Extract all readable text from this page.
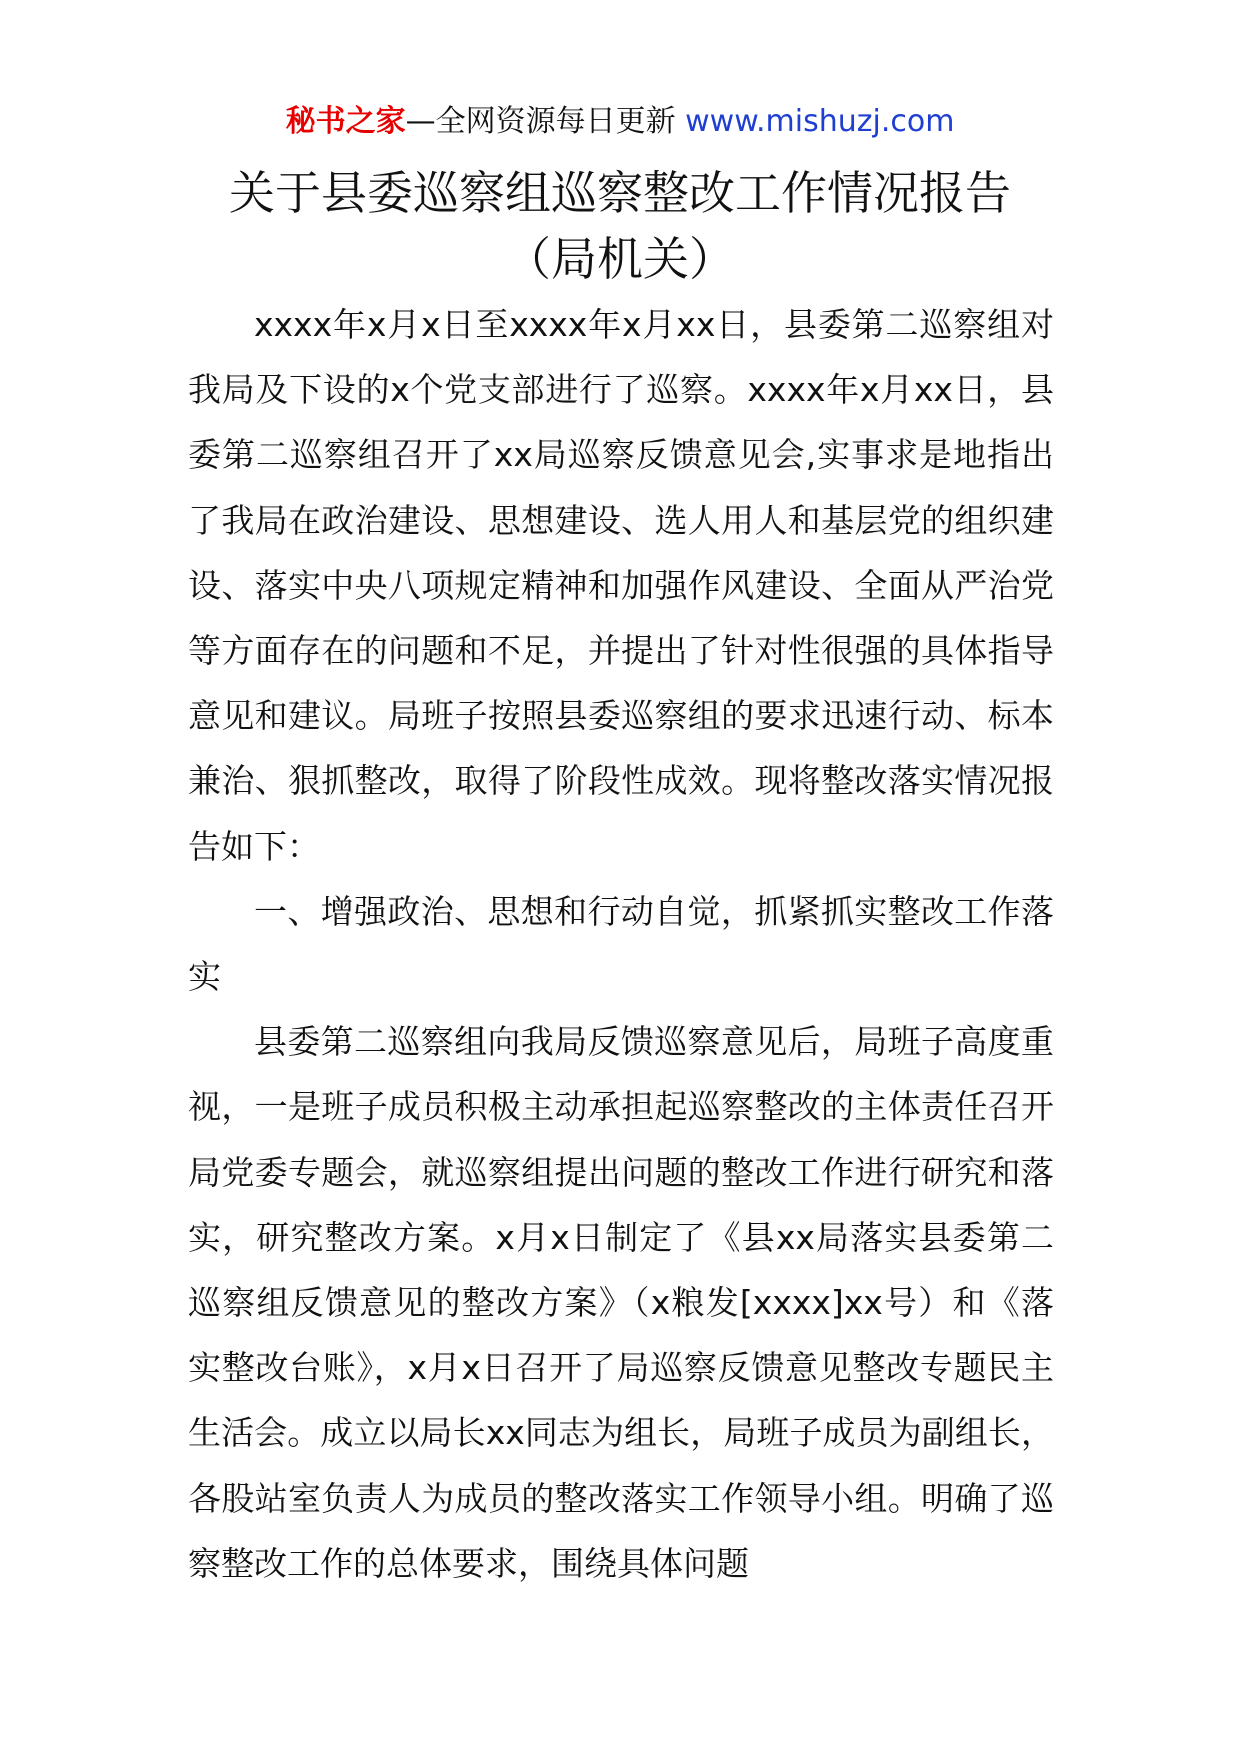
秘书之家—全网资源每日更新 www.mishuzj.com
关于县委巡察组巡察整改工作情况报告
（局机关）

xxxx年x月x日至xxxx年x月xx日，县委第二巡察组对我局及下设的x个党支部进行了巡察。xxxx年x月xx日，县委第二巡察组召开了xx局巡察反馈意见会,实事求是地指出了我局在政治建设、思想建设、选人用人和基层党的组织建设、落实中央八项规定精神和加强作风建设、全面从严治党等方面存在的问题和不足，并提出了针对性很强的具体指导意见和建议。局班子按照县委巡察组的要求迅速行动、标本兼治、狠抓整改，取得了阶段性成效。现将整改落实情况报告如下：

一、增强政治、思想和行动自觉，抓紧抓实整改工作落实

县委第二巡察组向我局反馈巡察意见后，局班子高度重视，一是班子成员积极主动承担起巡察整改的主体责任召开局党委专题会，就巡察组提出问题的整改工作进行研究和落实，研究整改方案。x月x日制定了《县xx局落实县委第二巡察组反馈意见的整改方案》（x粮发[xxxx]xx号）和《落实整改台账》，x月x日召开了局巡察反馈意见整改专题民主生活会。成立以局长xx同志为组长，局班子成员为副组长，各股站室负责人为成员的整改落实工作领导小组。明确了巡察整改工作的总体要求，围绕具体问题
